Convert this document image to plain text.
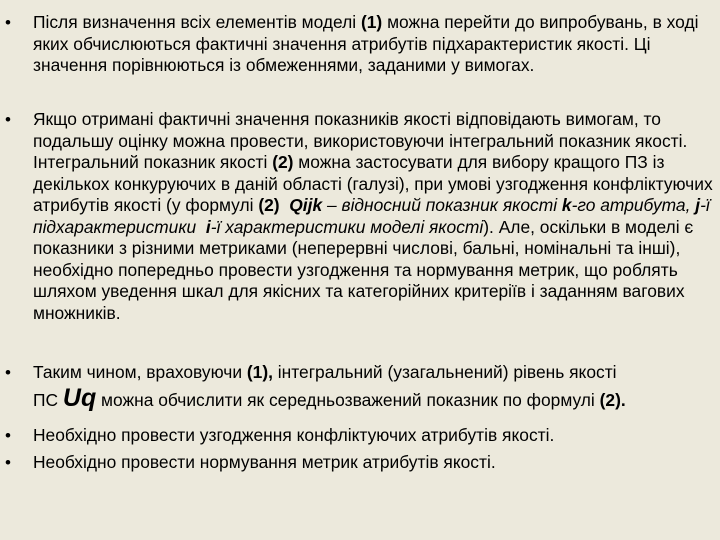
• Після визначення всіх елементів моделі (1) можна перейти до випробувань, в ході яких обчислюються фактичні значення атрибутів підхарактеристик якості. Ці значення порівнюються із обмеженнями, заданими у вимогах.
• Якщо отримані фактичні значення показників якості відповідають вимогам, то подальшу оцінку можна провести, використовуючи інтегральний показник якості. Інтегральний показник якості (2) можна застосувати для вибору кращого ПЗ із декількох конкуруючих в даній області (галузі), при умові узгодження конфліктуючих атрибутів якості (у формулі (2) Qijk – відносний показник якості k-го атрибута, j-ї підхарактеристики  i-ї характеристики моделі якості). Але, оскільки в моделі є показники з різними метриками (неперервні числові, бальні, номінальні та інші), необхідно попередньо провести узгодження та нормування метрик, що роблять шляхом уведення шкал для якісних та категорійних критеріїв і заданням вагових множників.
• Таким чином, враховуючи (1), інтегральний (узагальнений) рівень якості
ПС Uq можна обчислити як середньозважений показник по формулі (2).
• Необхідно провести узгодження конфліктуючих атрибутів якості.
• Необхідно провести нормування метрик атрибутів якості.
